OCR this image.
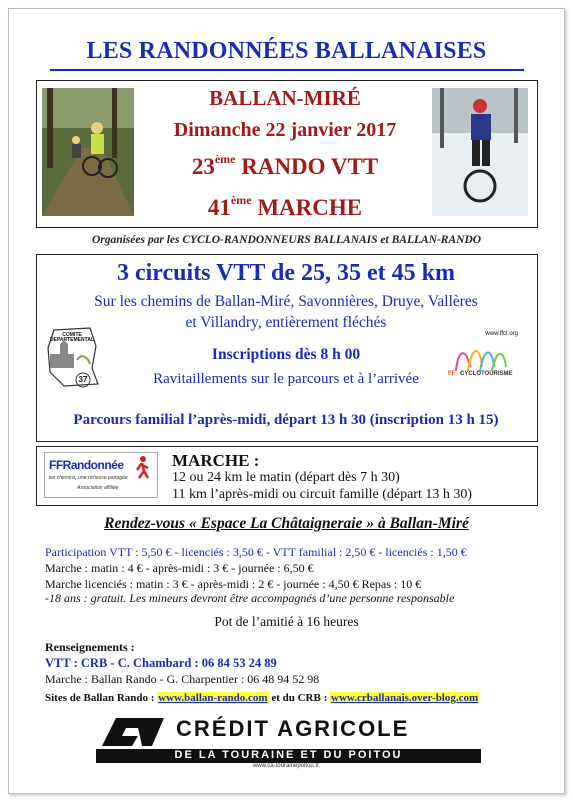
LES RANDONNÉES BALLANAISES
BALLAN-MIRÉ
Dimanche 22 janvier 2017
23ème RANDO VTT
41ème MARCHE
Organisées par les CYCLO-RANDONNEURS BALLANAIS et BALLAN-RANDO
3 circuits VTT de 25, 35 et 45 km
Sur les chemins de Ballan-Miré, Savonnières, Druye, Vallères
et Villandry, entièrement fléchés
COMITE
DEPARTEMENTAL
37
www.ffct.org
FF CYCLOTOURISME
Inscriptions dès 8 h 00
Ravitaillements sur le parcours et à l’arrivée
Parcours familial l’après-midi, départ 13 h 30 (inscription 13 h 15)
FFRandonnée
les chemins, une richesse partagée
Association affiliée
MARCHE :
12 ou 24 km le matin (départ dès 7 h 30)
11 km l’après-midi ou circuit famille (départ 13 h 30)
Rendez-vous « Espace La Châtaigneraie » à Ballan-Miré
Participation VTT : 5,50 € - licenciés : 3,50 € - VTT familial : 2,50 € - licenciés : 1,50 €
Marche : matin : 4 € - après-midi : 3 € - journée : 6,50 €
Marche licenciés : matin : 3 € - après-midi : 2 € - journée : 4,50 € Repas : 10 €
-18 ans : gratuit. Les mineurs devront être accompagnés d’une personne responsable
Pot de l’amitié à 16 heures
Renseignements :
VTT : CRB - C. Chambard : 06 84 53 24 89
Marche : Ballan Rando - G. Charpentier : 06 48 94 52 98
Sites de Ballan Rando : www.ballan-rando.com et du CRB : www.crballanais.over-blog.com
CRÉDIT AGRICOLE
DE LA TOURAINE ET DU POITOU
www.ca-tourainepoitou.fr
